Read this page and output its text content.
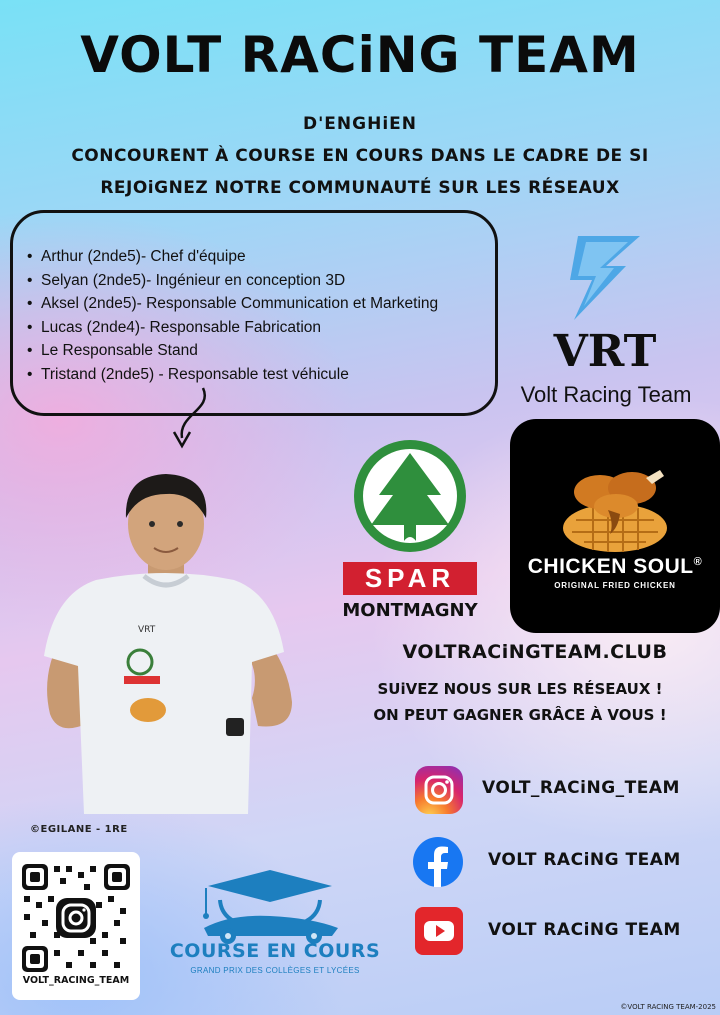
VOLT RACiNG TEAM
D'ENGHiEN
CONCOURENT À COURSE EN COURS DANS LE CADRE DE SI
REJOiGNEZ NOTRE COMMUNAUTÉ SUR LES RÉSEAUX
• Arthur (2nde5)- Chef d'équipe
• Selyan (2nde5)- Ingénieur en conception 3D
• Aksel (2nde5)- Responsable Communication et Marketing
• Lucas (2nde4)- Responsable Fabrication
• Le Responsable Stand
• Tristand (2nde5) - Responsable test véhicule	VRT
Volt Racing Team
SPAR
MONTMAGNY
CHICKEN SOUL®
ORIGINAL FRIED CHICKEN
VOLTRACiNGTEAM.CLUB
SUiVEZ NOUS SUR LES RÉSEAUX !
ON PEUT GAGNER GRÂCE À VOUS !
VRT
©EGILANE - 1RE
VOLT_RACiNG_TEAM
VOLT RACiNG TEAM
VOLT RACiNG TEAM
VOLT_RACING_TEAM
COURSE EN COURS
GRAND PRIX DES COLLÈGES ET LYCÉES
©VOLT RACING TEAM-2025
